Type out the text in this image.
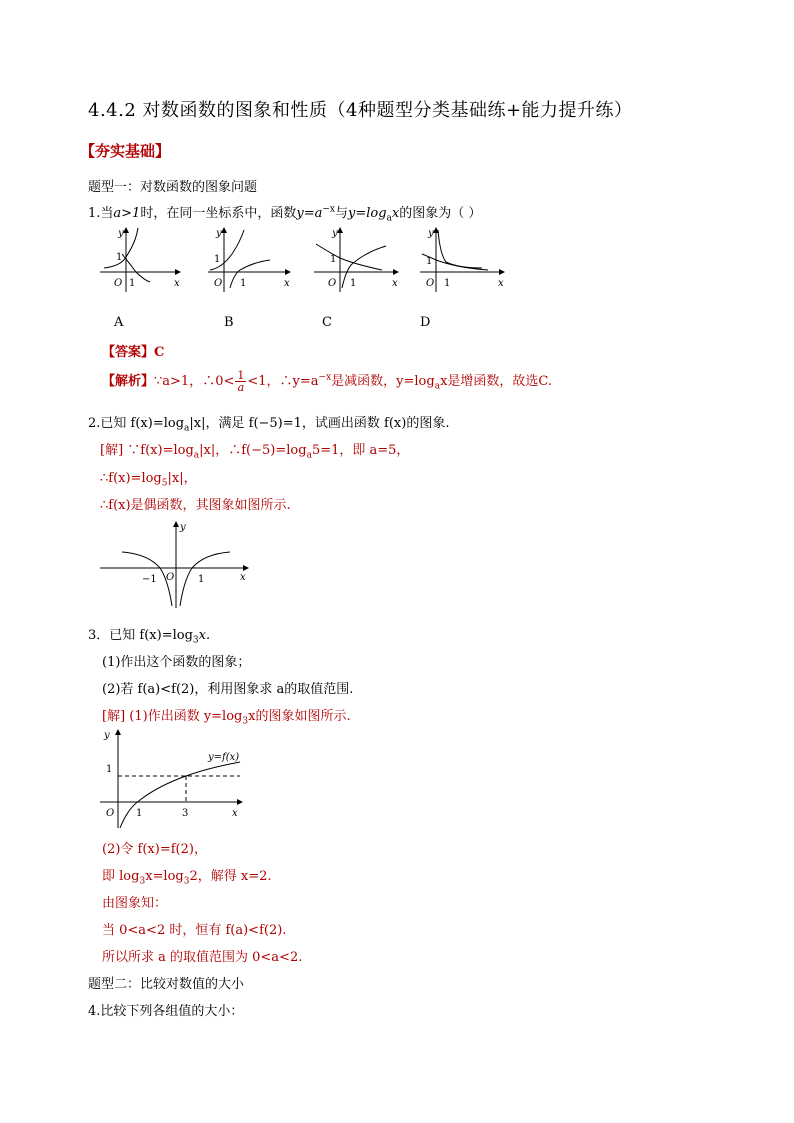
4.4.2 对数函数的图象和性质（4种题型分类基础练+能力提升练）
【夯实基础】
题型一：对数函数的图象问题
1.当a>1时，在同一坐标系中，函数$y=a^{-x}$与$y=\log_ax$的图象为（ ）
y
x
1
O 1
y
x
1
O 1
y
x
1
O 1
y
x
1
O 1
A	B	C	D
【答案】C
【解析】∵a>1，∴0< $\frac{1}{a} <1$，$\therefore y=a^{-x}$是减函数，$y=\log_ax$是增函数，故选C.
2.已知 $f(x)=\log_a|x|$，满足 f(−5)=1，试画出函数 f(x)的图象.
[解] $\because f(x)=\log_a|x|$，$\therefore f(-5)=\log_a5=1$，即 a=5，
$\therefore f(x)=\log_5|x|$，
∴f(x)是偶函数，其图象如图所示.
y
x
O
−1	1
3．已知 $f(x)=\log_3x$.
(1)作出这个函数的图象；
(2)若 f(a)<f(2)，利用图象求 a的取值范围.
[解] (1)作出函数 $y=\log_3x$的图象如图所示.
y
x
O
1
1	3
y=f(x)
(2)令 f(x)=f(2)，
即 $\log_3x=\log_32$，解得 x=2.
由图象知：
当 0<a<2 时，恒有 f(a)<f(2).
所以所求 a 的取值范围为 0<a<2.
题型二：比较对数值的大小
4.比较下列各组值的大小：
